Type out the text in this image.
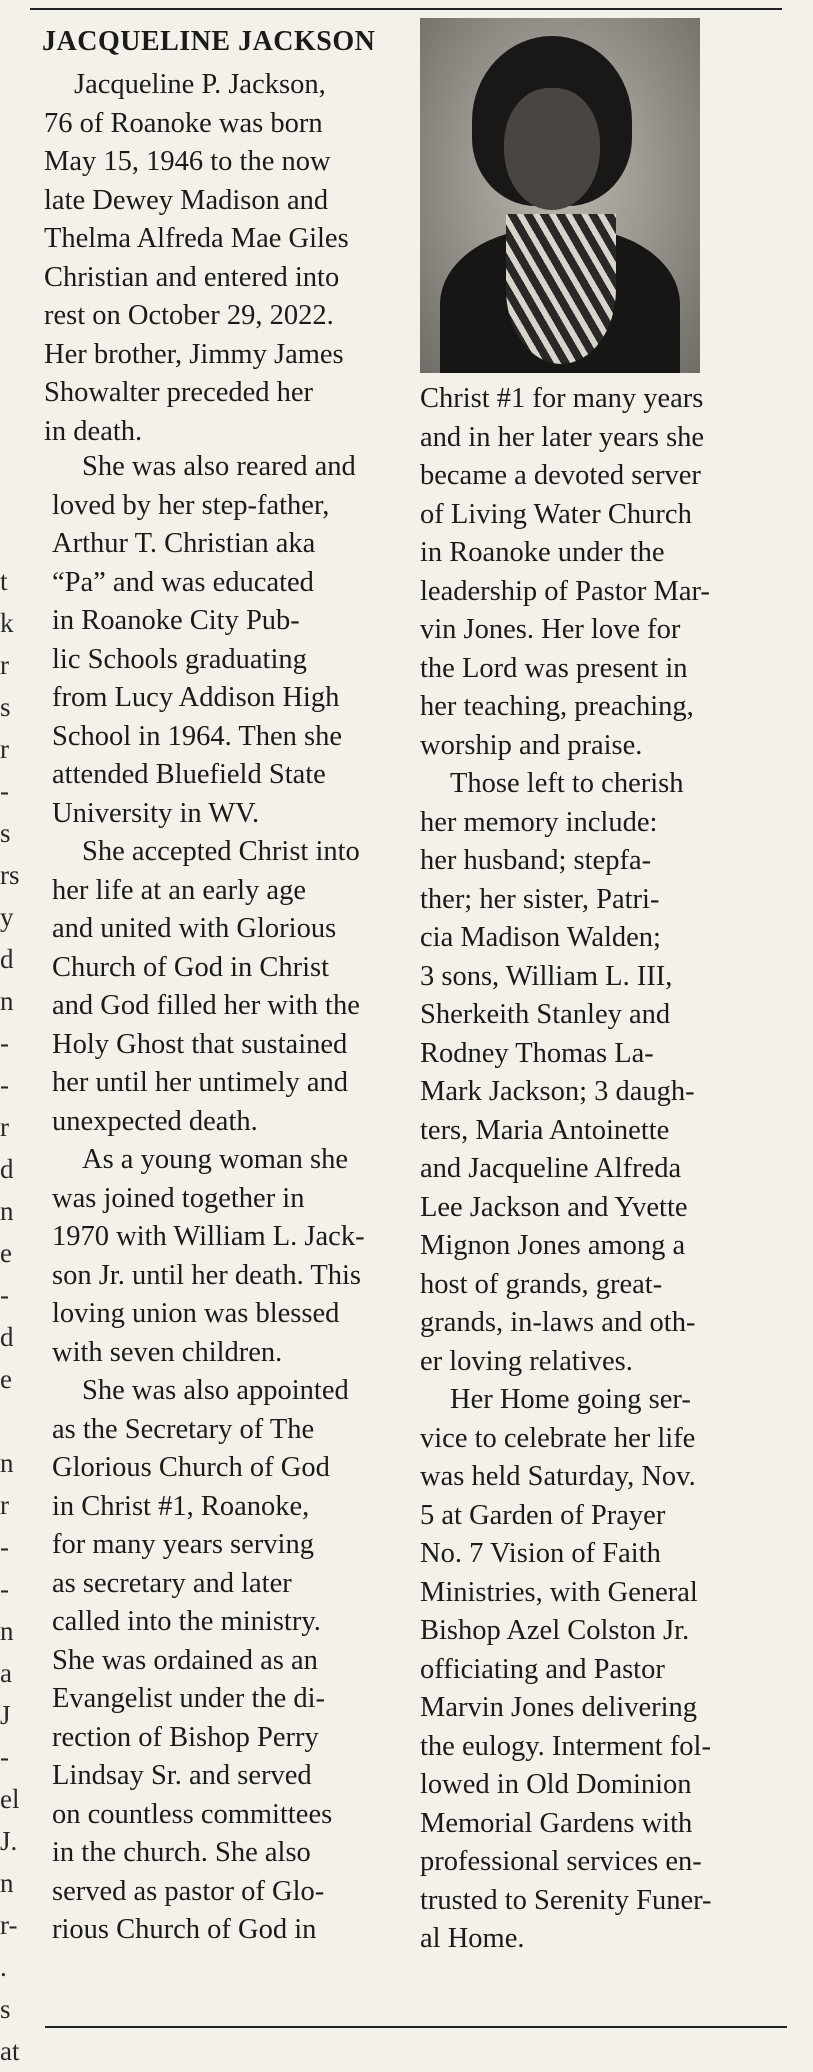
t
k
r
s
r
-
s
rs
y
d
n
-
-
r
d
n
e
-
d
e
n
r
-
-
n
a
J
-
el
J.
n
r-
.
s
at
JACQUELINE JACKSON
Jacqueline P. Jackson,
76 of Roanoke was born
May 15, 1946 to the now
late Dewey Madison and
Thelma Alfreda Mae Giles
Christian and entered into
rest on October 29, 2022.
Her brother, Jimmy James
Showalter preceded her
in death.
She was also reared and
loved by her step-father,
Arthur T. Christian aka
“Pa” and was educated
in Roanoke City Pub-
lic Schools graduating
from Lucy Addison High
School in 1964. Then she
attended Bluefield State
University in WV.
She accepted Christ into
her life at an early age
and united with Glorious
Church of God in Christ
and God filled her with the
Holy Ghost that sustained
her until her untimely and
unexpected death.
As a young woman she
was joined together in
1970 with William L. Jack-
son Jr. until her death. This
loving union was blessed
with seven children.
She was also appointed
as the Secretary of The
Glorious Church of God
in Christ #1, Roanoke,
for many years serving
as secretary and later
called into the ministry.
She was ordained as an
Evangelist under the di-
rection of Bishop Perry
Lindsay Sr. and served
on countless committees
in the church. She also
served as pastor of Glo-
rious Church of God in
Christ #1 for many years
and in her later years she
became a devoted server
of Living Water Church
in Roanoke under the
leadership of Pastor Mar-
vin Jones. Her love for
the Lord was present in
her teaching, preaching,
worship and praise.
Those left to cherish
her memory include:
her husband; stepfa-
ther; her sister, Patri-
cia Madison Walden;
3 sons, William L. III,
Sherkeith Stanley and
Rodney Thomas La-
Mark Jackson; 3 daugh-
ters, Maria Antoinette
and Jacqueline Alfreda
Lee Jackson and Yvette
Mignon Jones among a
host of grands, great-
grands, in-laws and oth-
er loving relatives.
Her Home going ser-
vice to celebrate her life
was held Saturday, Nov.
5 at Garden of Prayer
No. 7 Vision of Faith
Ministries, with General
Bishop Azel Colston Jr.
officiating and Pastor
Marvin Jones delivering
the eulogy. Interment fol-
lowed in Old Dominion
Memorial Gardens with
professional services en-
trusted to Serenity Funer-
al Home.
